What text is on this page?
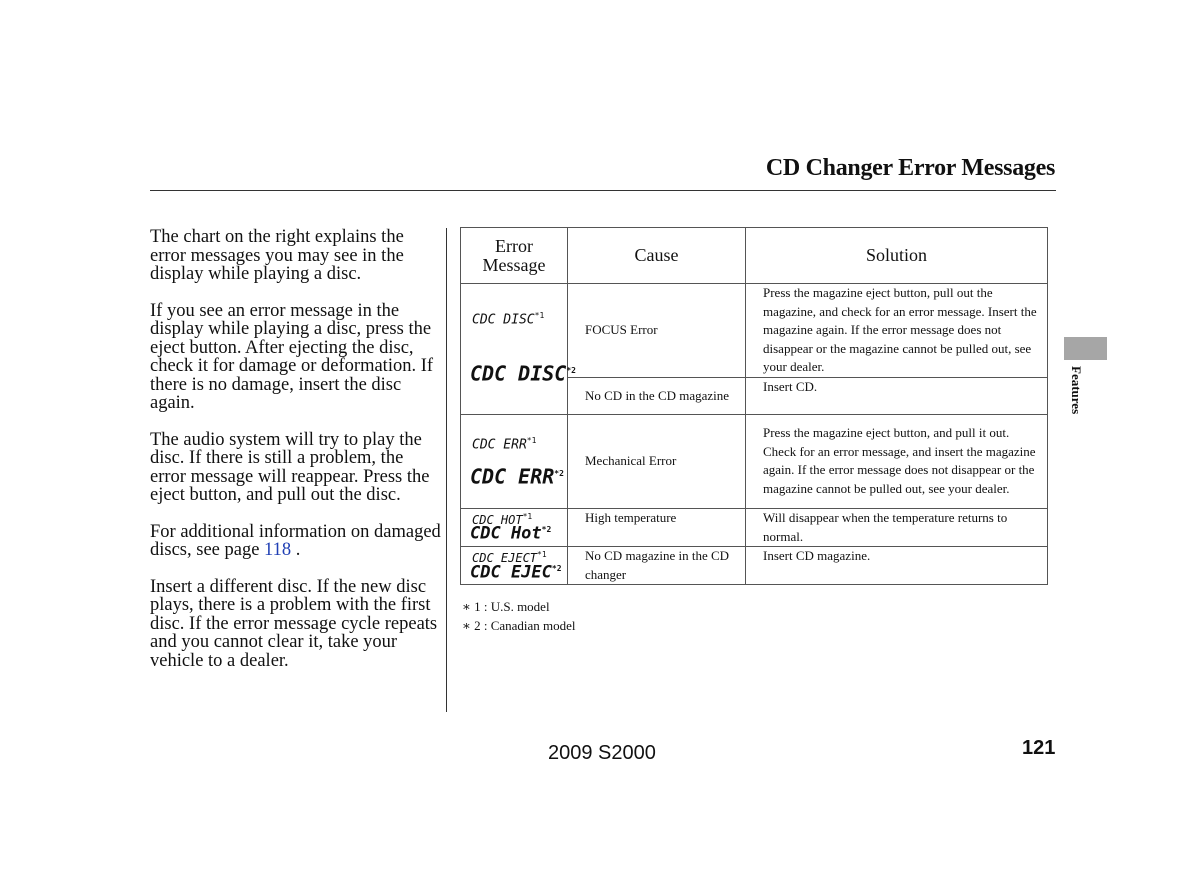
CD Changer Error Messages

The chart on the right explains the error messages you may see in the display while playing a disc.

If you see an error message in the display while playing a disc, press the eject button. After ejecting the disc, check it for damage or deformation. If there is no damage, insert the disc again.

The audio system will try to play the disc. If there is still a problem, the error message will reappear. Press the eject button, and pull out the disc.

For additional information on damaged discs, see page 118 .

Insert a different disc. If the new disc plays, there is a problem with the first disc. If the error message cycle repeats and you cannot clear it, take your vehicle to a dealer.

Error
Message	Cause	Solution

CDC DISC$^{*1}$
CDC DISC$^{*2}$	FOCUS Error	Press the magazine eject button, pull out the magazine, and check for an error message. Insert the magazine again. If the error message does not disappear or the magazine cannot be pulled out, see your dealer.
	No CD in the CD magazine	Insert CD.

CDC ERR$^{*1}$
CDC ERR$^{*2}$	Mechanical Error	Press the magazine eject button, and pull it out. Check for an error message, and insert the magazine again. If the error message does not disappear or the magazine cannot be pulled out, see your dealer.

CDC HOT$^{*1}$
CDC Hot$^{*2}$	High temperature	Will disappear when the temperature returns to normal.

CDC EJECT$^{*1}$
CDC EJEC$^{*2}$	No CD magazine in the CD changer	Insert CD magazine.
∗ 1 : U.S. model
∗ 2 : Canadian model
Features
2009 S2000	121
